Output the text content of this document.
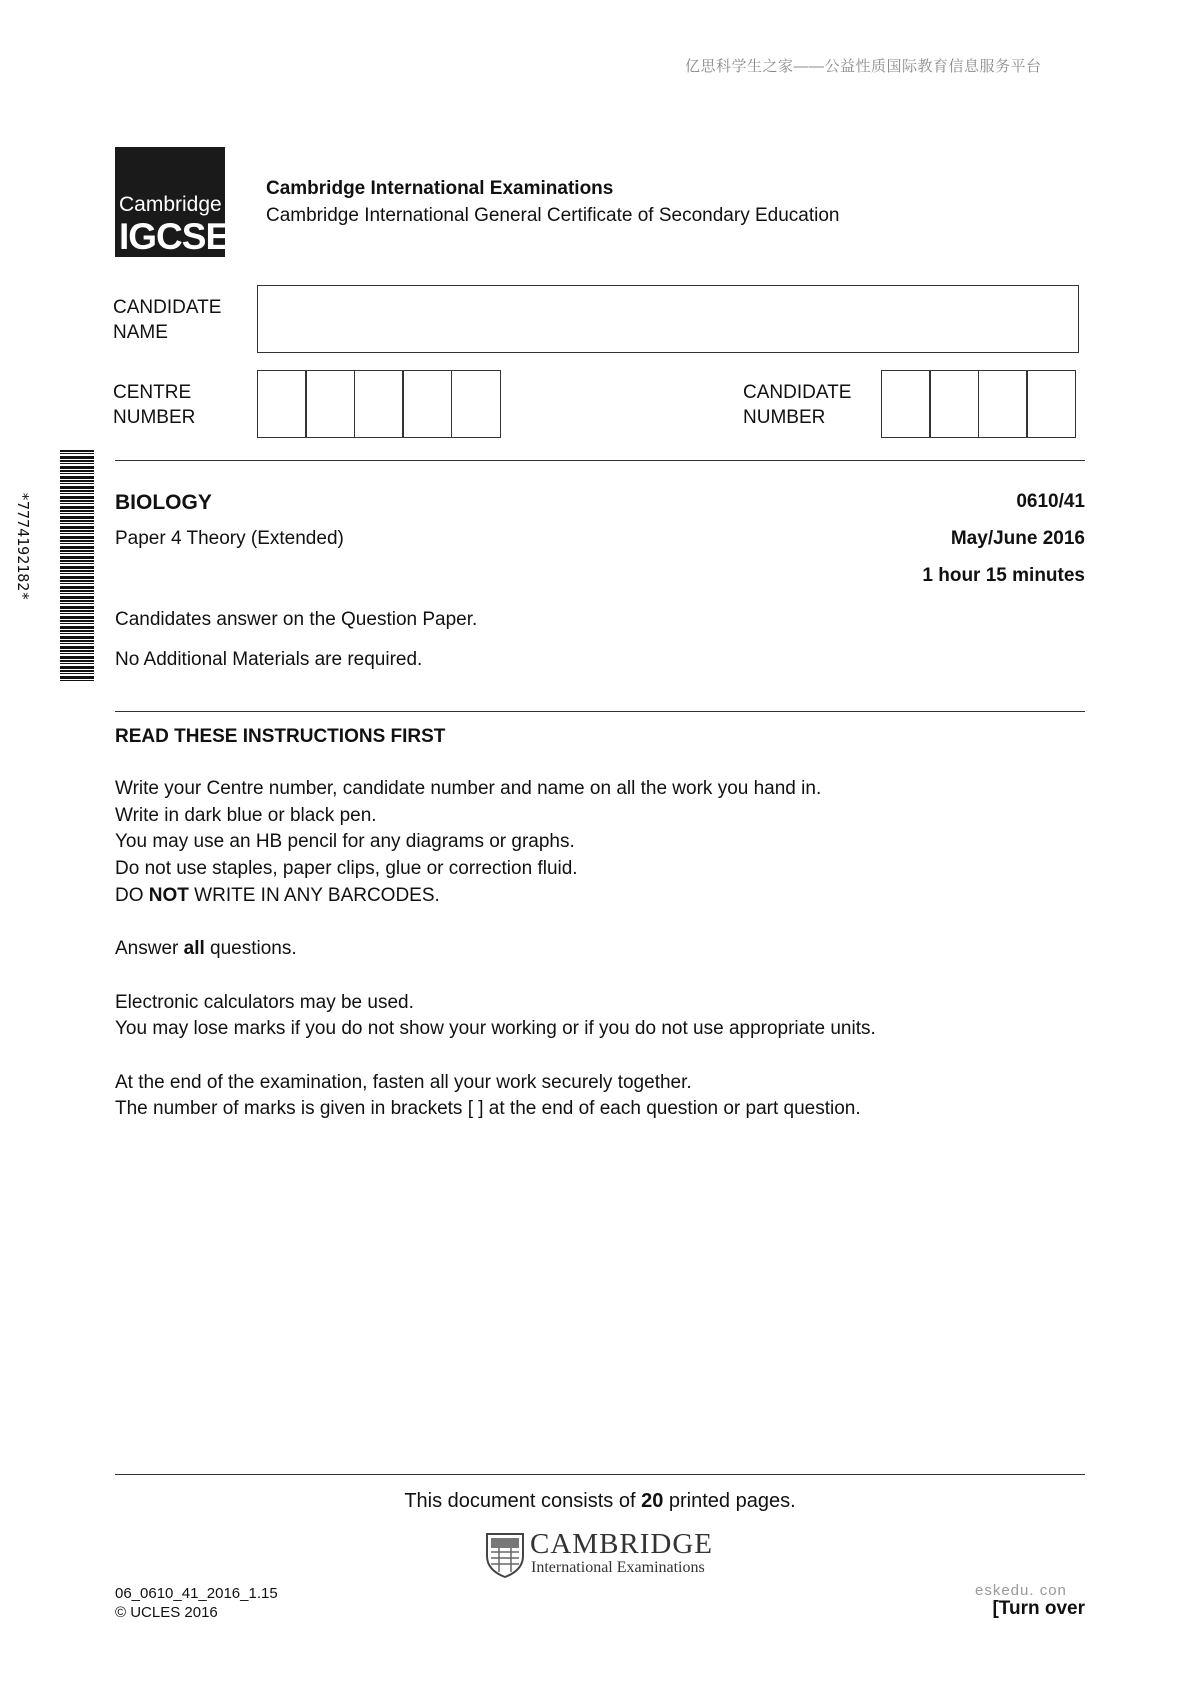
亿思科学生之家——公益性质国际教育信息服务平台
Cambridge
IGCSE
Cambridge International Examinations
Cambridge International General Certificate of Secondary Education
CANDIDATE
NAME
CENTRE
NUMBER
CANDIDATE
NUMBER
*7774192182*	BIOLOGY	0610/41
Paper 4 Theory (Extended)	May/June 2016
1 hour 15 minutes
Candidates answer on the Question Paper.
No Additional Materials are required.
READ THESE INSTRUCTIONS FIRST
Write your Centre number, candidate number and name on all the work you hand in.
Write in dark blue or black pen.
You may use an HB pencil for any diagrams or graphs.
Do not use staples, paper clips, glue or correction fluid.
DO NOT WRITE IN ANY BARCODES.
Answer all questions.
Electronic calculators may be used.
You may lose marks if you do not show your working or if you do not use appropriate units.
At the end of the examination, fasten all your work securely together.
The number of marks is given in brackets [ ] at the end of each question or part question.
This document consists of 20 printed pages.
CAMBRIDGE
International Examinations
06_0610_41_2016_1.15
© UCLES 2016
eskedu. con
[Turn over
